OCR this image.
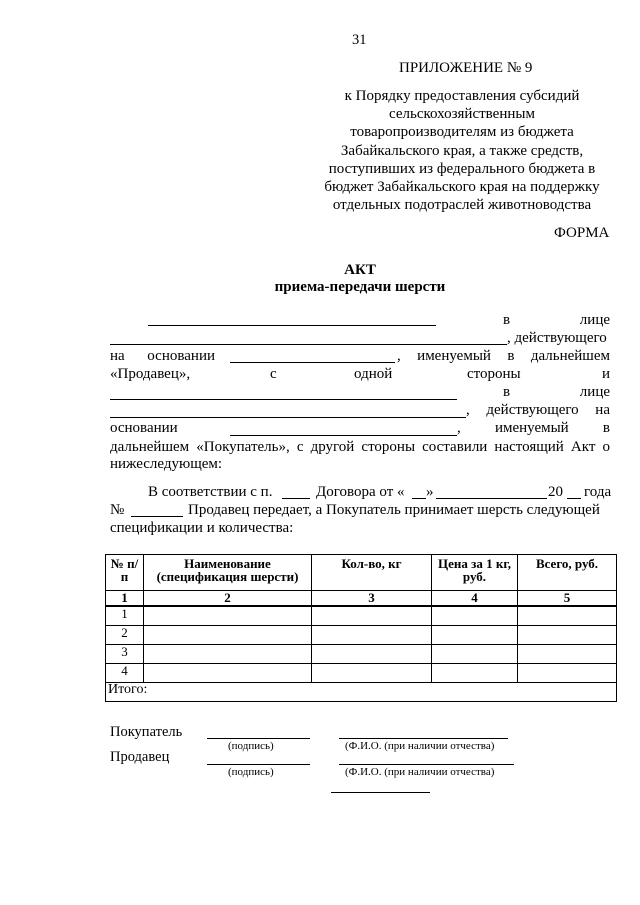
31
ПРИЛОЖЕНИЕ № 9
к Порядку предоставления субсидий
сельскохозяйственным
товаропроизводителям из бюджета
Забайкальского края, а также средств,
поступивших из федерального бюджета в
бюджет Забайкальского края на поддержку
отдельных подотраслей животноводства
ФОРМА
АКТ
приема-передачи шерсти
в лице
, действующего
на основании	, именуемый в дальнейшем
«Продавец»,	с	одной	стороны	и
в лице
, действующего на
основании	, именуемый в
дальнейшем «Покупатель», с другой стороны составили настоящий Акт о
нижеследующем:
В соответствии с п.	Договора от « »	20 года
№	Продавец передает, а Покупатель принимает шерсть следующей
спецификации и количества:
№ п/п	Наименование (спецификация шерсти)	Кол-во, кг	Цена за 1 кг, руб.	Всего, руб.
1	2	3	4	5
1				
2				
3				
4				
Итого:				
Покупатель
(подпись)	(Ф.И.О. (при наличии отчества)
Продавец
(подпись)	(Ф.И.О. (при наличии отчества)
